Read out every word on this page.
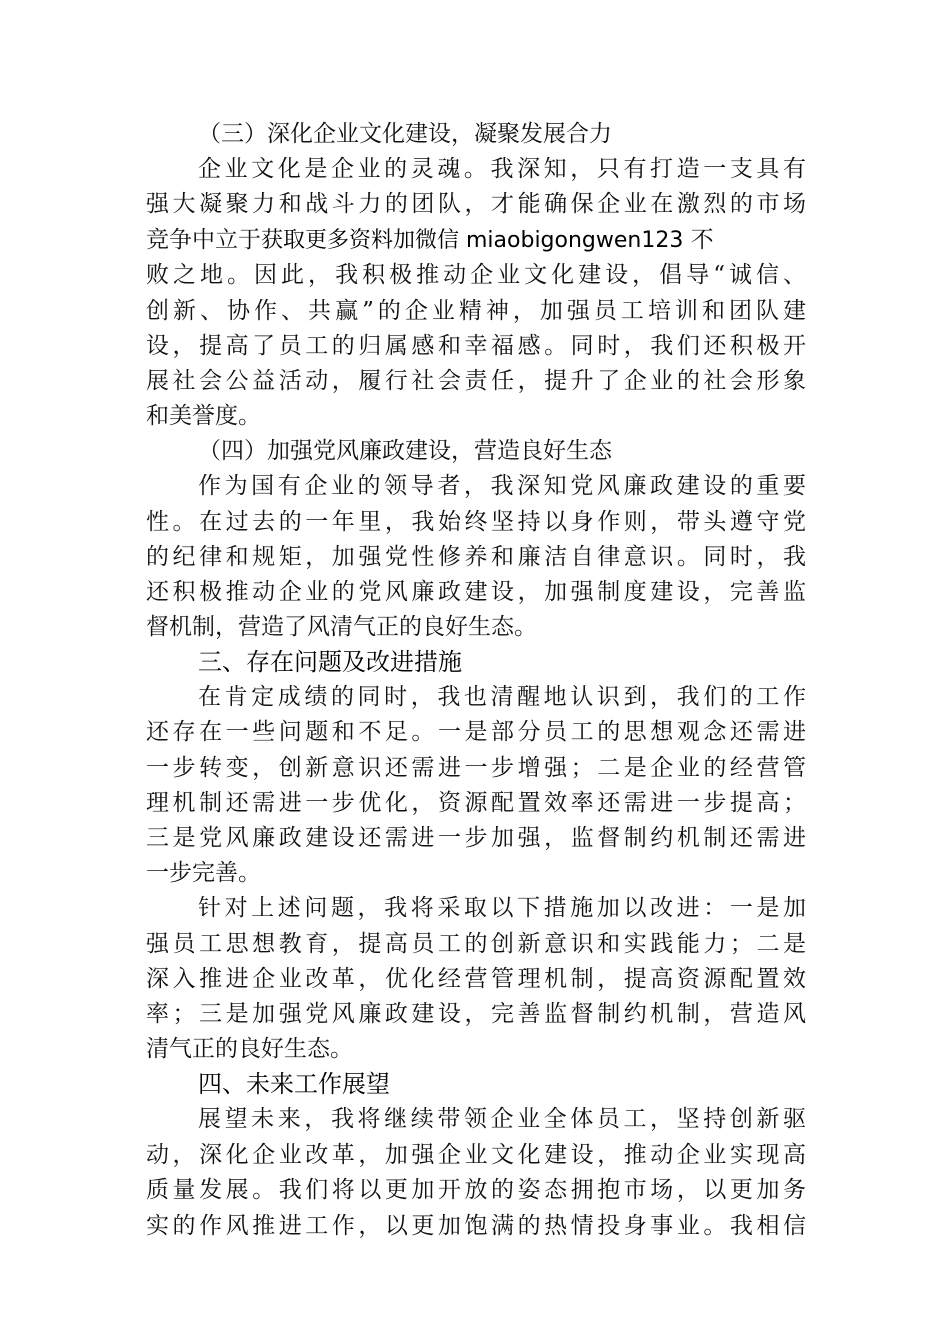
（三）深化企业文化建设，凝聚发展合力

企业文化是企业的灵魂。我深知，只有打造一支具有

强大凝聚力和战斗力的团队，才能确保企业在激烈的市场

竞争中立于获取更多资料加微信 miaobigongwen123 不

败之地。因此，我积极推动企业文化建设，倡导“诚信、

创新、协作、共赢”的企业精神，加强员工培训和团队建

设，提高了员工的归属感和幸福感。同时，我们还积极开

展社会公益活动，履行社会责任，提升了企业的社会形象

和美誉度。

（四）加强党风廉政建设，营造良好生态

作为国有企业的领导者，我深知党风廉政建设的重要

性。在过去的一年里，我始终坚持以身作则，带头遵守党

的纪律和规矩，加强党性修养和廉洁自律意识。同时，我

还积极推动企业的党风廉政建设，加强制度建设，完善监

督机制，营造了风清气正的良好生态。

三、存在问题及改进措施

在肯定成绩的同时，我也清醒地认识到，我们的工作

还存在一些问题和不足。一是部分员工的思想观念还需进

一步转变，创新意识还需进一步增强；二是企业的经营管

理机制还需进一步优化，资源配置效率还需进一步提高；

三是党风廉政建设还需进一步加强，监督制约机制还需进

一步完善。

针对上述问题，我将采取以下措施加以改进：一是加

强员工思想教育，提高员工的创新意识和实践能力；二是

深入推进企业改革，优化经营管理机制，提高资源配置效

率；三是加强党风廉政建设，完善监督制约机制，营造风

清气正的良好生态。

四、未来工作展望

展望未来，我将继续带领企业全体员工，坚持创新驱

动，深化企业改革，加强企业文化建设，推动企业实现高

质量发展。我们将以更加开放的姿态拥抱市场，以更加务

实的作风推进工作，以更加饱满的热情投身事业。我相信
